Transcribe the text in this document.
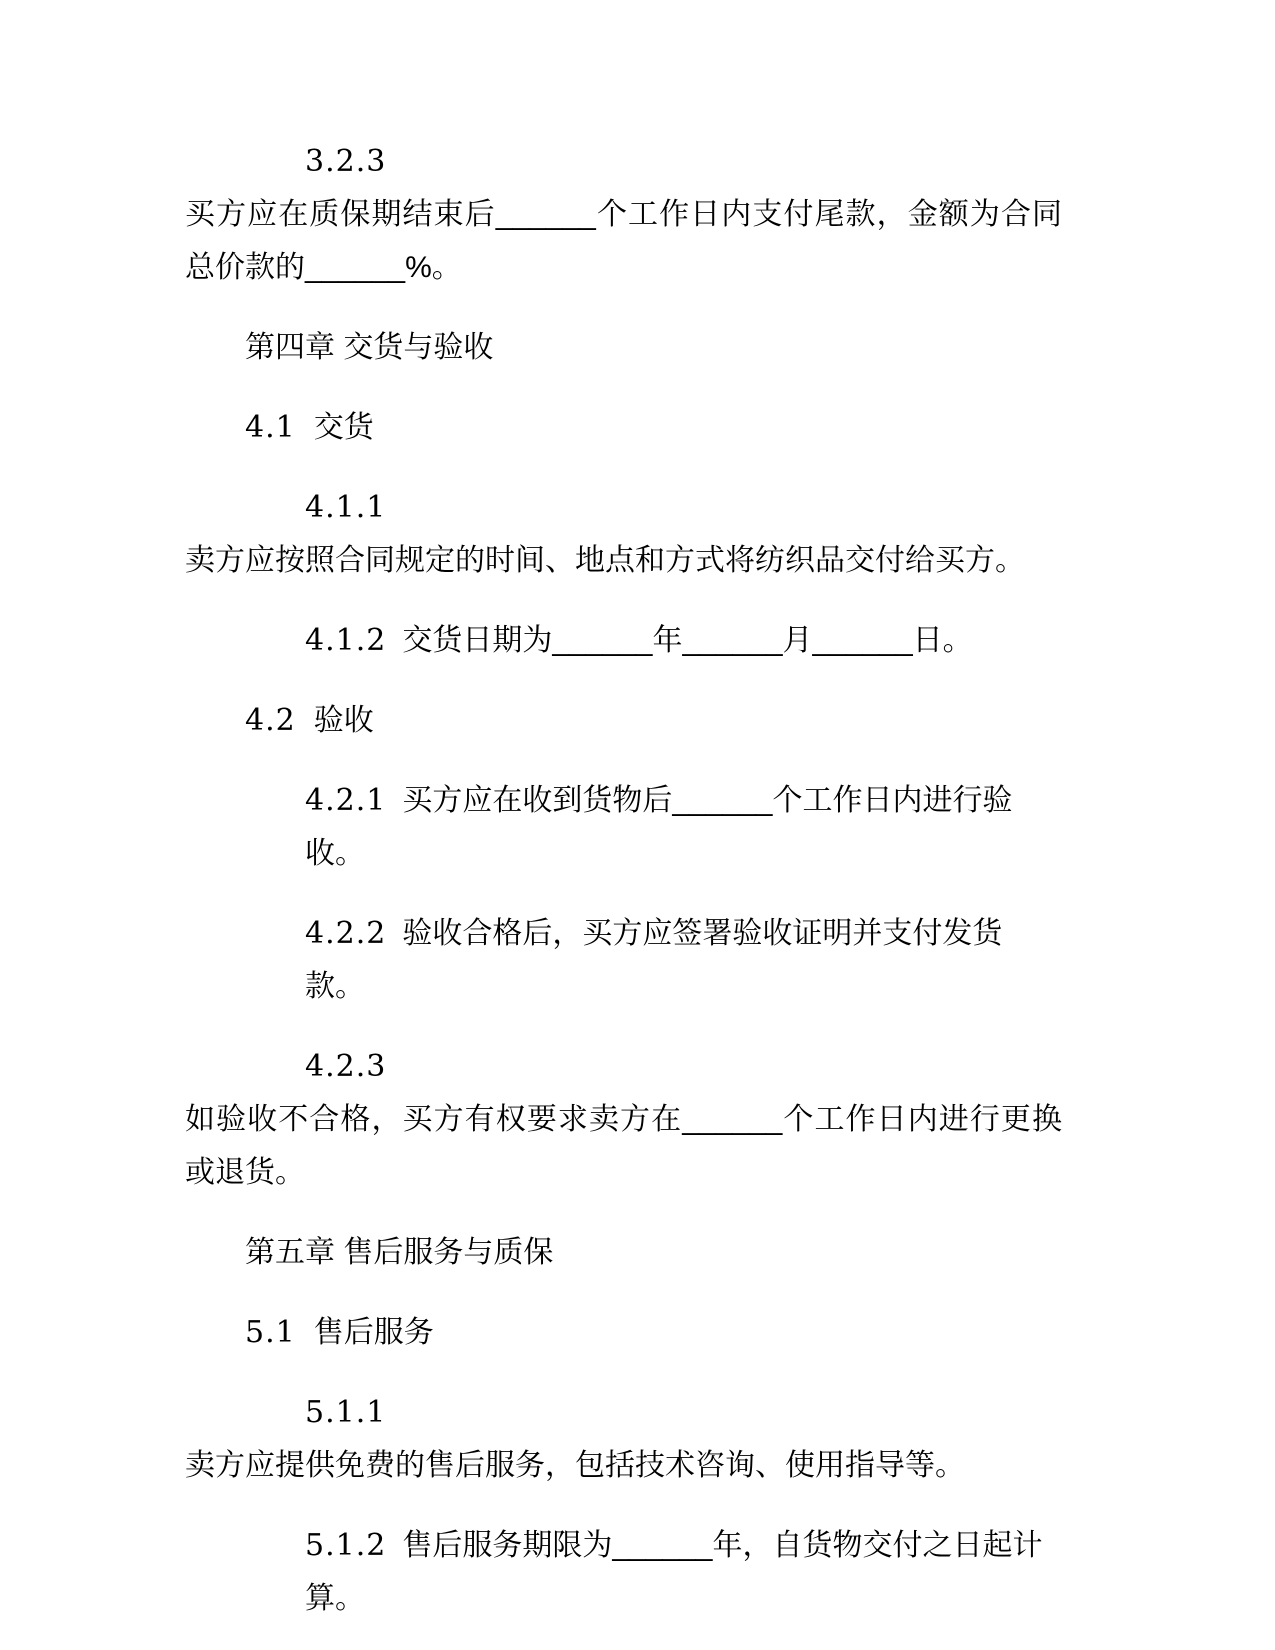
3.2.3
买方应在质保期结束后______个工作日内支付尾款，金额为合同总价款的______%。
第四章 交货与验收
4.1 交货
4.1.1
卖方应按照合同规定的时间、地点和方式将纺织品交付给买方。
4.1.2 交货日期为______年______月______日。
4.2 验收
4.2.1 买方应在收到货物后______个工作日内进行验收。
4.2.2 验收合格后，买方应签署验收证明并支付发货款。
4.2.3
如验收不合格，买方有权要求卖方在______个工作日内进行更换或退货。
第五章 售后服务与质保
5.1 售后服务
5.1.1
卖方应提供免费的售后服务，包括技术咨询、使用指导等。
5.1.2 售后服务期限为______年，自货物交付之日起计算。
